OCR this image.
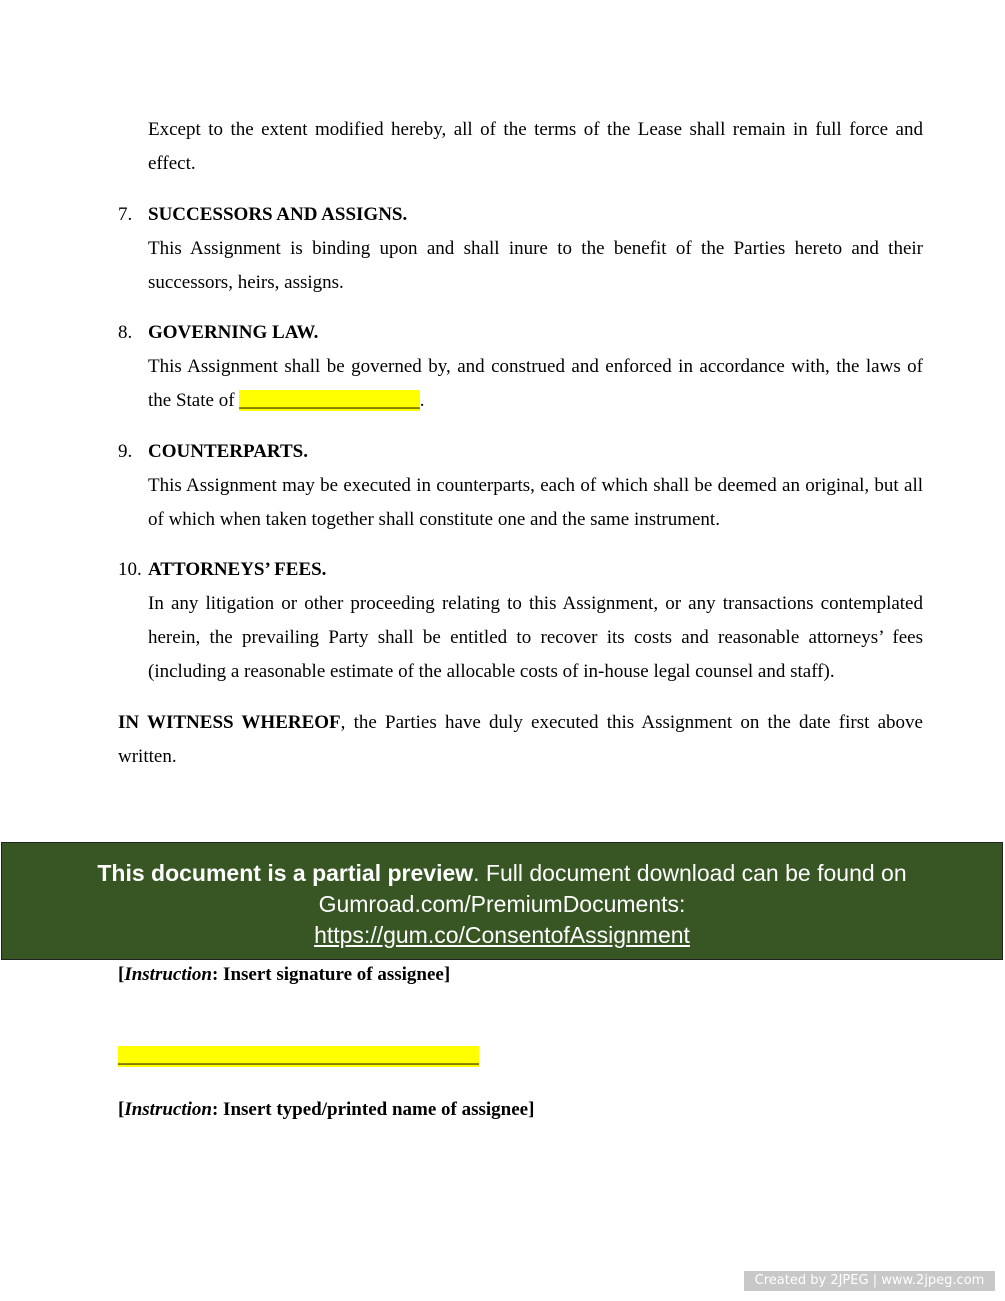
Except to the extent modified hereby, all of the terms of the Lease shall remain in full force and effect.
7. SUCCESSORS AND ASSIGNS.
This Assignment is binding upon and shall inure to the benefit of the Parties hereto and their successors, heirs, assigns.
8. GOVERNING LAW.
This Assignment shall be governed by, and construed and enforced in accordance with, the laws of the State of ___________________.
9. COUNTERPARTS.
This Assignment may be executed in counterparts, each of which shall be deemed an original, but all of which when taken together shall constitute one and the same instrument.
10. ATTORNEYS’ FEES.
In any litigation or other proceeding relating to this Assignment, or any transactions contemplated herein, the prevailing Party shall be entitled to recover its costs and reasonable attorneys’ fees (including a reasonable estimate of the allocable costs of in-house legal counsel and staff).
IN WITNESS WHEREOF, the Parties have duly executed this Assignment on the date first above written.
[Instruction: Insert signature of assignee]
______________________________________
[Instruction: Insert typed/printed name of assignee]
This document is a partial preview. Full document download can be found on Gumroad.com/PremiumDocuments:
https://gum.co/ConsentofAssignment
Created by 2JPEG | www.2jpeg.com
